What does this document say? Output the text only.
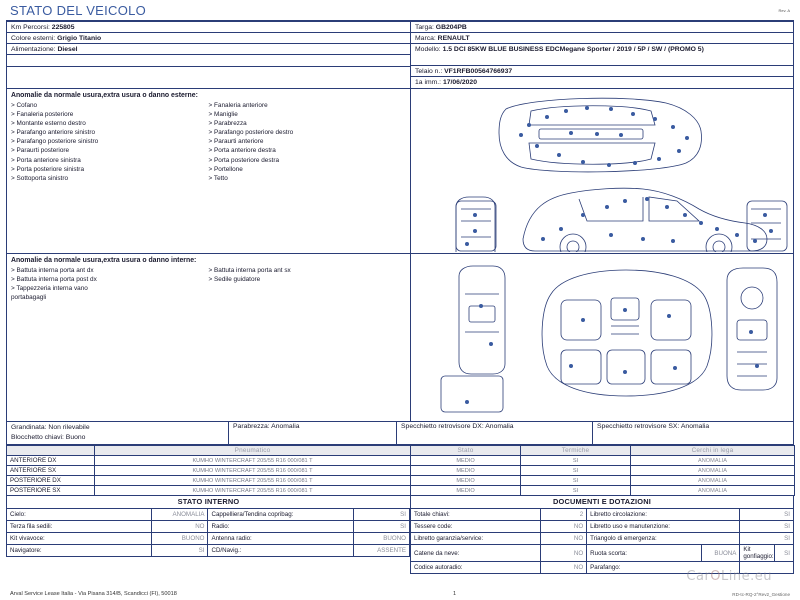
STATO DEL VEICOLO	Rev. A
Km Percorsi: 225805
Colore esterni: Grigio Titanio
Alimentazione: Diesel

Targa: GB204PB
Marca: RENAULT
Modello: 1.5 DCI 85KW BLUE BUSINESS EDCMegane Sporter / 2019 / 5P / SW / (PROMO 5)
Telaio n.: VF1RFB00564766937
1a imm.: 17/06/2020
Anomalie da normale usura,extra usura o danno esterne:
> Cofano
> Fanaleria posteriore
> Montante esterno destro
> Parafango anteriore sinistro
> Parafango posteriore sinistro
> Paraurti posteriore
> Porta anteriore sinistra
> Porta posteriore sinistra
> Sottoporta sinistro
> Fanaleria anteriore
> Maniglie
> Parabrezza
> Parafango posteriore destro
> Paraurti anteriore
> Porta anteriore destra
> Porta posteriore destra
> Portellone
> Tetto
Anomalie da normale usura,extra usura o danno interne:
> Battuta interna porta ant dx
> Battuta interna porta post dx
> Tappezzeria interna vano
portabagagli
> Battuta interna porta ant sx
> Sedile guidatore
Grandinata: Non rilevabile
Blocchetto chiavi: Buono
Parabrezza: Anomalia	Specchietto retrovisore DX: Anomalia	Specchietto retrovisore SX: Anomalia
	Pneumatico	Stato	Termiche	Cerchi in lega
ANTERIORE DX	KUMHO WINTERCRAFT 205/55 R16 000/081 T	MEDIO	SI	ANOMALIA
ANTERIORE SX	KUMHO WINTERCRAFT 205/55 R16 000/081 T	MEDIO	SI	ANOMALIA
POSTERIORE DX	KUMHO WINTERCRAFT 205/55 R16 000/081 T	MEDIO	SI	ANOMALIA
POSTERIORE SX	KUMHO WINTERCRAFT 205/55 R16 000/081 T	MEDIO	SI	ANOMALIA
STATO INTERNO
Cielo:	ANOMALIA	Cappelliera/Tendina copribag:	SI
Terza fila sedili:	NO	Radio:	SI
Kit vivavoce:	BUONO	Antenna radio:	BUONO
Navigatore:	SI	CD/Navig.:	ASSENTE
DOCUMENTI E DOTAZIONI
Totale chiavi:	2	Libretto circolazione:		SI	
Tessere code:	NO	Libretto uso e manutenzione:		SI	
Libretto garanzia/service:	NO	Triangolo di emergenza:		SI	
Catene da neve:	NO	Ruota scorta:	BUONA	Kit gonfiaggio:	SI
Codice autoradio:	NO	Parafango:			
CarOLine.eu
Arval Service Lease Italia - Via Pisana 314/B, Scandicci (FI), 50018	1	RD-tc-RQ-2°Rev2_Gestione
